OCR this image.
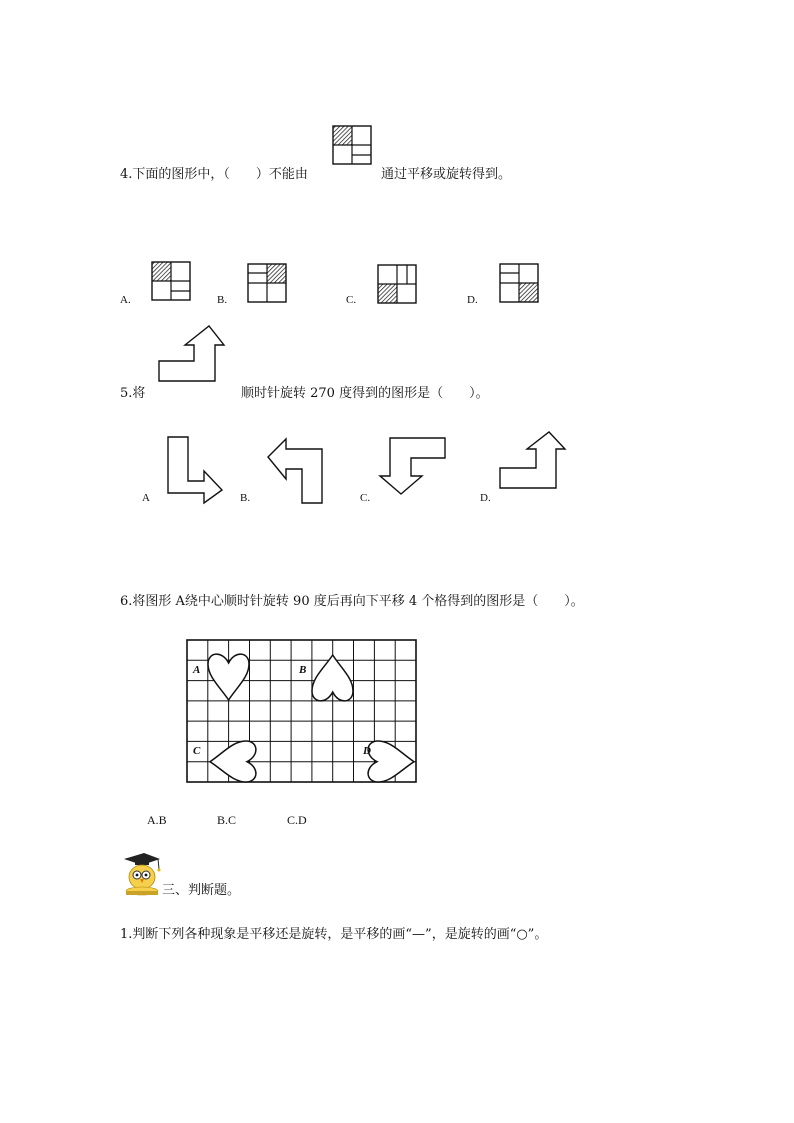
4.下面的图形中，（　　）不能由	通过平移或旋转得到。
A.	B.	C.	D.
5.将	顺时针旋转 270 度得到的图形是（　　）。
A	B.	C.	D.
6.将图形 A绕中心顺时针旋转 90 度后再向下平移 4 个格得到的图形是（　　）。
A	B
C	D
A.B	B.C	C.D
三、判断题。
1.判断下列各种现象是平移还是旋转，是平移的画“—”，是旋转的画“○”。
